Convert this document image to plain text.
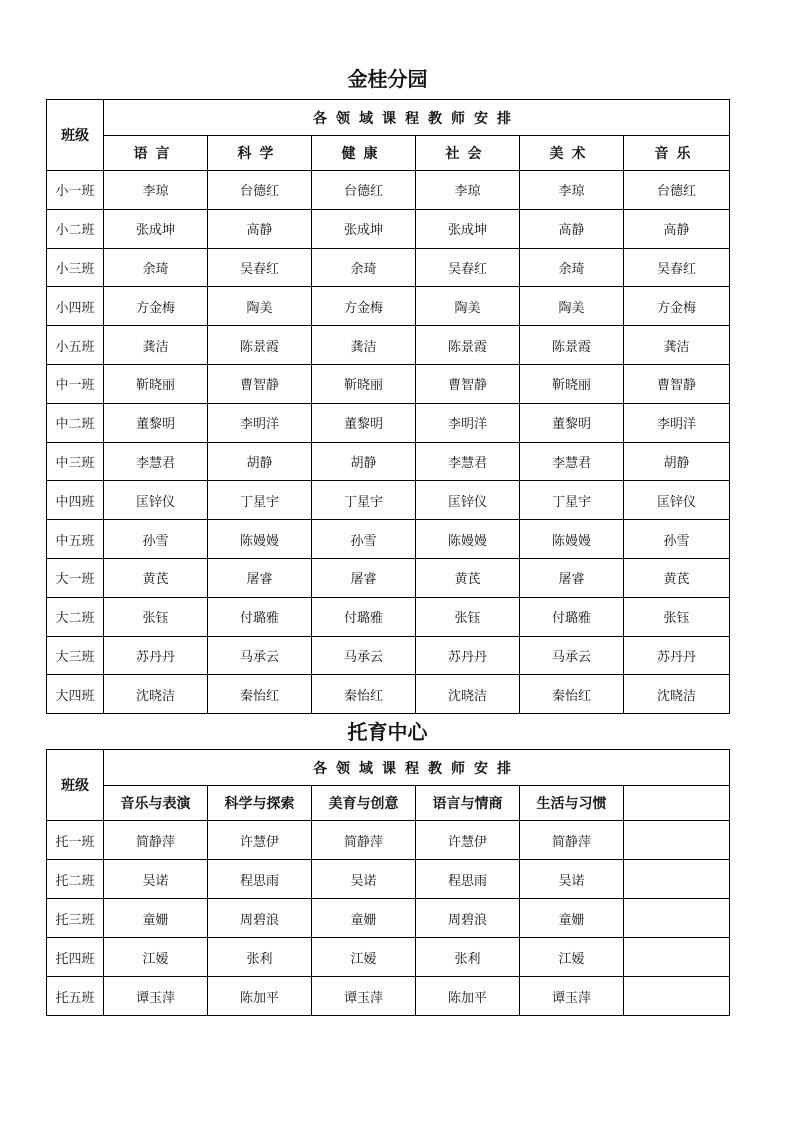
金桂分园
班级	各领域课程教师安排					
	语言	科学	健康	社会	美术	音乐
小一班	李琼	台德红	台德红	李琼	李琼	台德红
小二班	张成坤	高静	张成坤	张成坤	高静	高静
小三班	余琦	吴春红	余琦	吴春红	余琦	吴春红
小四班	方金梅	陶美	方金梅	陶美	陶美	方金梅
小五班	龚洁	陈景霞	龚洁	陈景霞	陈景霞	龚洁
中一班	靳晓丽	曹智静	靳晓丽	曹智静	靳晓丽	曹智静
中二班	董黎明	李明洋	董黎明	李明洋	董黎明	李明洋
中三班	李慧君	胡静	胡静	李慧君	李慧君	胡静
中四班	匡锌仪	丁星宇	丁星宇	匡锌仪	丁星宇	匡锌仪
中五班	孙雪	陈嫚嫚	孙雪	陈嫚嫚	陈嫚嫚	孙雪
大一班	黄芪	屠睿	屠睿	黄芪	屠睿	黄芪
大二班	张钰	付璐雅	付璐雅	张钰	付璐雅	张钰
大三班	苏丹丹	马承云	马承云	苏丹丹	马承云	苏丹丹
大四班	沈晓洁	秦怡红	秦怡红	沈晓洁	秦怡红	沈晓洁
托育中心
班级	各领域课程教师安排					
	音乐与表演	科学与探索	美育与创意	语言与情商	生活与习惯	
托一班	简静萍	许慧伊	简静萍	许慧伊	简静萍	
托二班	吴诺	程思雨	吴诺	程思雨	吴诺	
托三班	童姗	周碧浪	童姗	周碧浪	童姗	
托四班	江嫒	张利	江嫒	张利	江嫒	
托五班	谭玉萍	陈加平	谭玉萍	陈加平	谭玉萍	
